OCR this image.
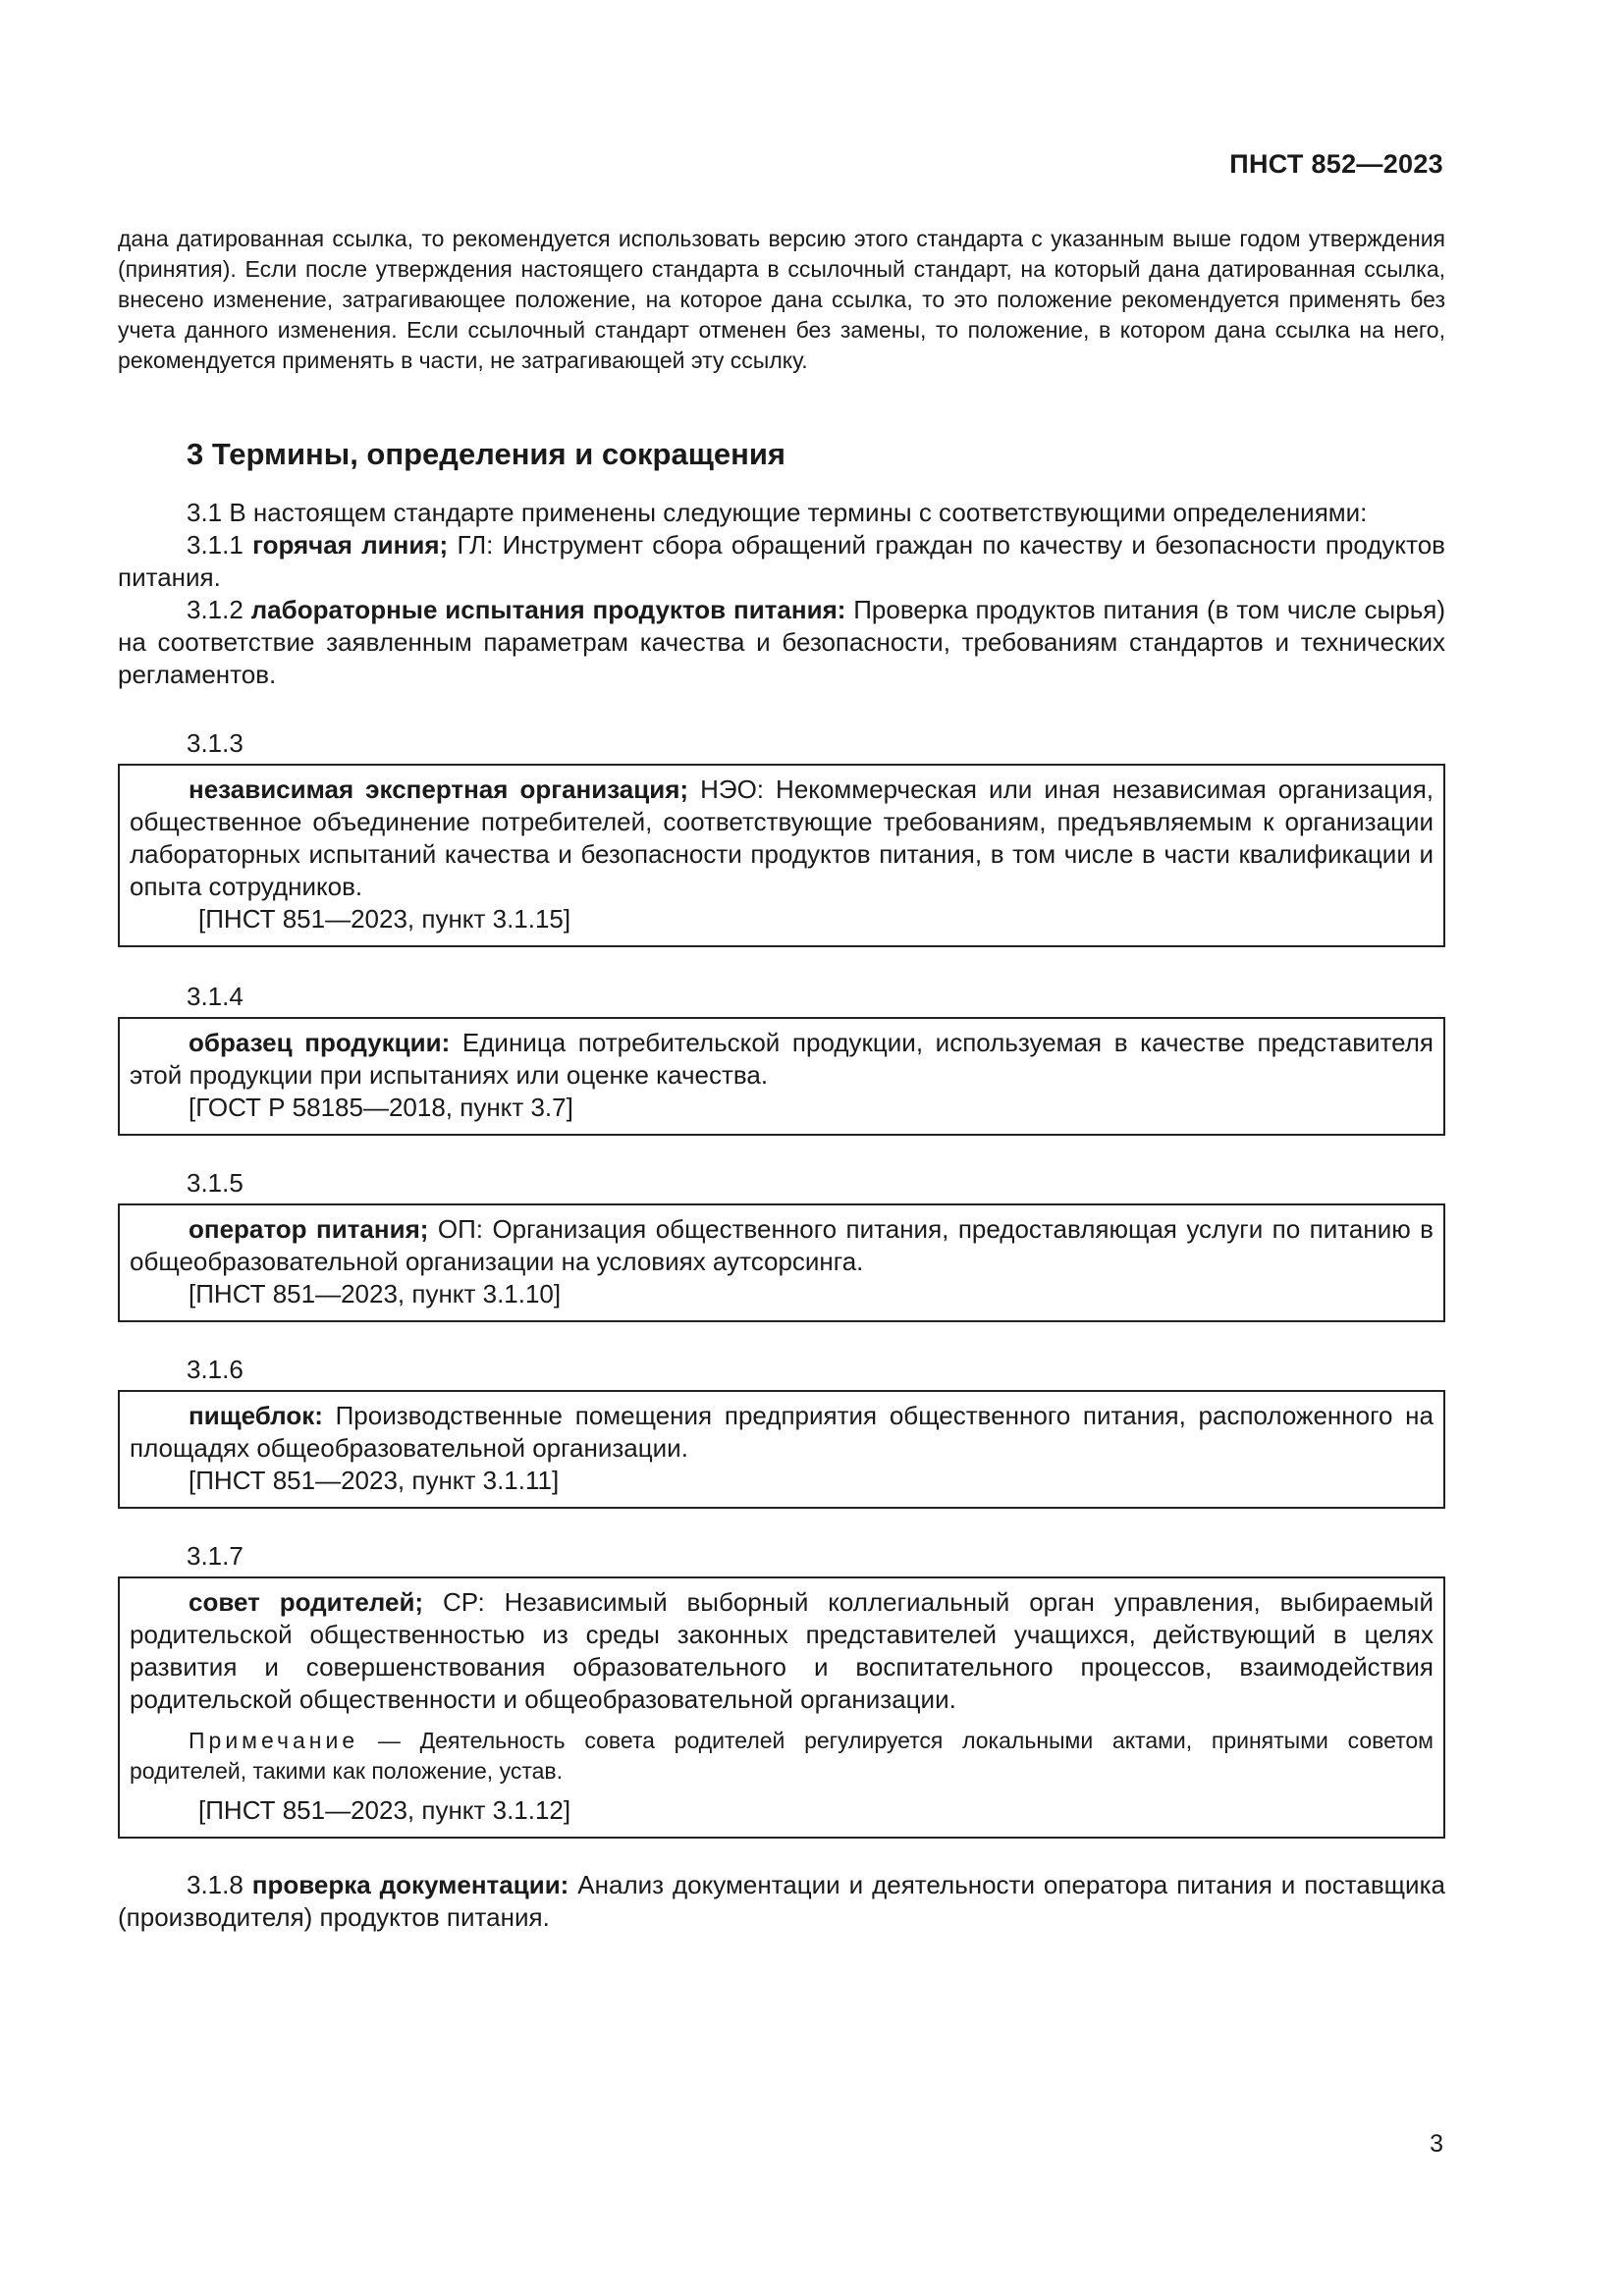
ПНСТ 852—2023
дана датированная ссылка, то рекомендуется использовать версию этого стандарта с указанным выше годом утверждения (принятия). Если после утверждения настоящего стандарта в ссылочный стандарт, на который дана датированная ссылка, внесено изменение, затрагивающее положение, на которое дана ссылка, то это положение рекомендуется применять без учета данного изменения. Если ссылочный стандарт отменен без замены, то положение, в котором дана ссылка на него, рекомендуется применять в части, не затрагивающей эту ссылку.
3 Термины, определения и сокращения

3.1 В настоящем стандарте применены следующие термины с соответствующими определениями:

3.1.1 горячая линия; ГЛ: Инструмент сбора обращений граждан по качеству и безопасности продуктов питания.

3.1.2 лабораторные испытания продуктов питания: Проверка продуктов питания (в том числе сырья) на соответствие заявленным параметрам качества и безопасности, требованиям стандартов и технических регламентов.

3.1.3

независимая экспертная организация; НЭО: Некоммерческая или иная независимая организация, общественное объединение потребителей, соответствующие требованиям, предъявляемым к организации лабораторных испытаний качества и безопасности продуктов питания, в том числе в части квалификации и опыта сотрудников.

[ПНСТ 851—2023, пункт 3.1.15]
3.1.4

образец продукции: Единица потребительской продукции, используемая в качестве представителя этой продукции при испытаниях или оценке качества.

[ГОСТ Р 58185—2018, пункт 3.7]
3.1.5

оператор питания; ОП: Организация общественного питания, предоставляющая услуги по питанию в общеобразовательной организации на условиях аутсорсинга.

[ПНСТ 851—2023, пункт 3.1.10]
3.1.6

пищеблок: Производственные помещения предприятия общественного питания, расположенного на площадях общеобразовательной организации.

[ПНСТ 851—2023, пункт 3.1.11]
3.1.7

совет родителей; СР: Независимый выборный коллегиальный орган управления, выбираемый родительской общественностью из среды законных представителей учащихся, действующий в целях развития и совершенствования образовательного и воспитательного процессов, взаимодействия родительской общественности и общеобразовательной организации.

Примечание — Деятельность совета родителей регулируется локальными актами, принятыми советом родителей, такими как положение, устав.

[ПНСТ 851—2023, пункт 3.1.12]

3.1.8 проверка документации: Анализ документации и деятельности оператора питания и поставщика (производителя) продуктов питания.

3
